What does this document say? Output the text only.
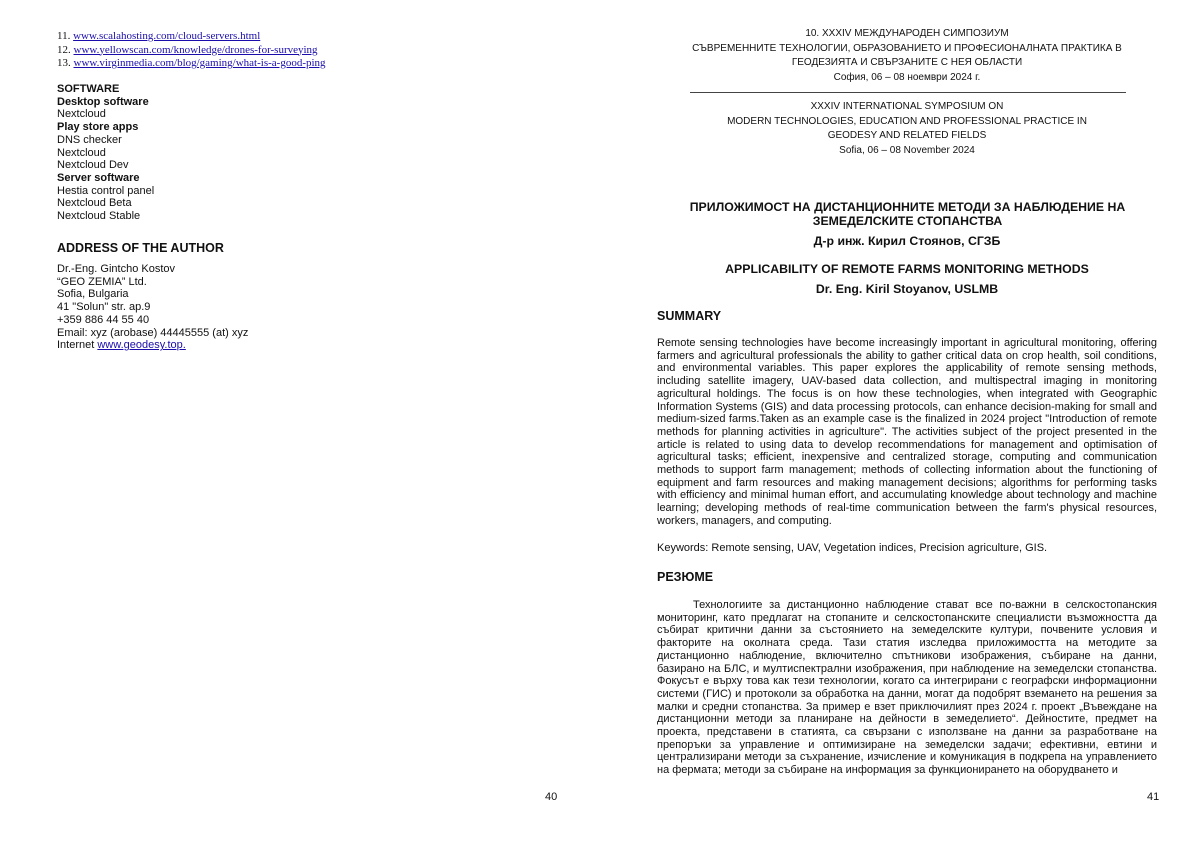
11. www.scalahosting.com/cloud-servers.html
12. www.yellowscan.com/knowledge/drones-for-surveying
13. www.virginmedia.com/blog/gaming/what-is-a-good-ping
SOFTWARE
Desktop software
Nextcloud
Play store apps
DNS checker
Nextcloud
Nextcloud Dev
Server software
Hestia control panel
Nextcloud Beta
Nextcloud Stable
ADDRESS OF THE AUTHOR
Dr.-Eng. Gintcho Kostov
“GEO ZEMIA” Ltd.
Sofia, Bulgaria
41 "Solun" str. ap.9
+359 886 44 55 40
Email: xyz (arobase) 44445555 (at) xyz
Internet www.geodesy.top.
40
10. XXXIV МЕЖДУНАРОДЕН СИМПОЗИУМ
СЪВРЕМЕННИТЕ ТЕХНОЛОГИИ, ОБРАЗОВАНИЕТО И ПРОФЕСИОНАЛНАТА ПРАКТИКА В
ГЕОДЕЗИЯТА И СВЪРЗАНИТЕ С НЕЯ ОБЛАСТИ
София, 06 – 08 ноември 2024 г.
XXXIV INTERNATIONAL SYMPOSIUM ON
MODERN TECHNOLOGIES, EDUCATION AND PROFESSIONAL PRACTICE IN
GEODESY AND RELATED FIELDS
Sofia, 06 – 08 November 2024
ПРИЛОЖИМОСТ НА ДИСТАНЦИОННИТЕ МЕТОДИ ЗА НАБЛЮДЕНИЕ НА ЗЕМЕДЕЛСКИТЕ СТОПАНСТВА
Д-р инж. Кирил Стоянов, СГЗБ
APPLICABILITY OF REMOTE FARMS MONITORING METHODS
Dr. Eng. Kiril Stoyanov, USLMB
SUMMARY
Remote sensing technologies have become increasingly important in agricultural monitoring, offering farmers and agricultural professionals the ability to gather critical data on crop health, soil conditions, and environmental variables. This paper explores the applicability of remote sensing methods, including satellite imagery, UAV-based data collection, and multispectral imaging in monitoring agricultural holdings. The focus is on how these technologies, when integrated with Geographic Information Systems (GIS) and data processing protocols, can enhance decision-making for small and medium-sized farms.Taken as an example case is the finalized in 2024 project "Introduction of remote methods for planning activities in agriculture". The activities subject of the project presented in the article is related to using data to develop recommendations for management and optimisation of agricultural tasks; efficient, inexpensive and centralized storage, computing and communication methods to support farm management; methods of collecting information about the functioning of equipment and farm resources and making management decisions; algorithms for performing tasks with efficiency and minimal human effort, and accumulating knowledge about technology and machine learning; developing methods of real-time communication between the farm's physical resources, workers, managers, and computing.
Keywords: Remote sensing, UAV, Vegetation indices, Precision agriculture, GIS.
РЕЗЮМЕ
Технологиите за дистанционно наблюдение стават все по-важни в селскостопанския мониторинг, като предлагат на стопаните и селскостопанските специалисти възможността да събират критични данни за състоянието на земеделските култури, почвените условия и факторите на околната среда. Тази статия изследва приложимостта на методите за дистанционно наблюдение, включително спътникови изображения, събиране на данни, базирано на БЛС, и мултиспектрални изображения, при наблюдение на земеделски стопанства. Фокусът е върху това как тези технологии, когато са интегрирани с географски информационни системи (ГИС) и протоколи за обработка на данни, могат да подобрят вземането на решения за малки и средни стопанства. За пример е взет приключилият през 2024 г. проект „Въвеждане на дистанционни методи за планиране на дейности в земеделието“. Дейностите, предмет на проекта, представени в статията, са свързани с използване на данни за разработване на препоръки за управление и оптимизиране на земеделски задачи; ефективни, евтини и централизирани методи за съхранение, изчисление и комуникация в подкрепа на управлението на фермата; методи за събиране на информация за функционирането на оборудването и
41
